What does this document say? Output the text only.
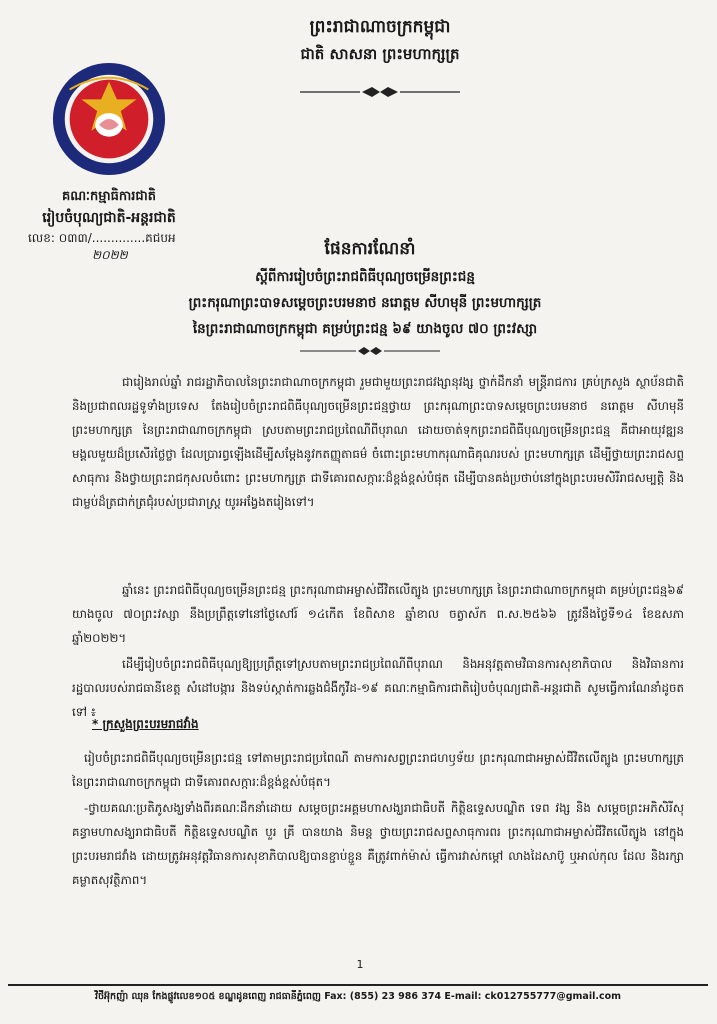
ព្រះរាជាណាចក្រកម្ពុជា
ជាតិ សាសនា ព្រះមហាក្សត្រ
គណៈកម្មាធិការជាតិ
រៀបចំបុណ្យជាតិ-អន្តរជាតិ
លេខ: ០៣៣/..............គជបអ
២០២២	ផែនការណែនាំ
ស្តីពីការរៀបចំព្រះរាជពិធីបុណ្យចម្រើនព្រះជន្ម
ព្រះករុណាព្រះបាទសម្តេចព្រះបរមនាថ នរោត្តម សីហមុនី ព្រះមហាក្សត្រ
នៃព្រះរាជាណាចក្រកម្ពុជា គម្រប់ព្រះជន្ម ៦៩ យាងចូល ៧០ ព្រះវស្សា
ជារៀងរាល់ឆ្នាំ រាជរដ្ឋាភិបាលនៃព្រះរាជាណាចក្រកម្ពុជា រួមជាមួយព្រះរាជវង្សានុវង្ស ថ្នាក់ដឹកនាំ មន្ត្រីរាជការ គ្រប់ក្រសួង ស្ថាប័នជាតិ និងប្រជាពលរដ្ឋទូទាំងប្រទេស តែងរៀបចំព្រះរាជពិធីបុណ្យចម្រើនព្រះជន្មថ្វាយ ព្រះករុណាព្រះបាទសម្តេចព្រះបរមនាថ នរោត្តម សីហមុនី ព្រះមហាក្សត្រ នៃព្រះរាជាណាចក្រកម្ពុជា ស្របតាមព្រះរាជប្រពៃណីពីបុរាណ ដោយចាត់ទុកព្រះរាជពិធីបុណ្យចម្រើនព្រះជន្ម គឺជាអាយុវឌ្ឍនមង្គលមួយដ៏ប្រសើរថ្លៃថ្លា ដែលប្រារព្ធឡើងដើម្បីសម្តែងនូវកតញ្ញុតាធម៌ ចំពោះព្រះមហាករុណាធិគុណរបស់ ព្រះមហាក្សត្រ ដើម្បីថ្វាយព្រះរាជសព្ទសាធុការ និងថ្វាយព្រះរាជកុសលចំពោះ ព្រះមហាក្សត្រ ជាទីគោរពសក្ការៈដ៏ខ្ពង់ខ្ពស់បំផុត ដើម្បីបានគង់ប្រថាប់នៅក្នុងព្រះបរមសិរីរាជសម្បត្តិ និងជាម្លប់ដ៏ត្រជាក់ត្រជុំរបស់ប្រជារាស្ត្រ យូរអង្វែងតរៀងទៅ។
ឆ្នាំនេះ ព្រះរាជពិធីបុណ្យចម្រើនព្រះជន្ម ព្រះករុណាជាអម្ចាស់ជីវិតលើត្បូង ព្រះមហាក្សត្រ នៃព្រះរាជាណាចក្រកម្ពុជា គម្រប់ព្រះជន្ម៦៩ យាងចូល ៧០ព្រះវស្សា នឹងប្រព្រឹត្តទៅនៅថ្ងៃសៅរ៍ ១៤កើត ខែពិសាខ ឆ្នាំខាល ចត្វាស័ក ព.ស.២៥៦៦ ត្រូវនឹងថ្ងៃទី១៤ ខែឧសភា ឆ្នាំ២០២២។
ដើម្បីរៀបចំព្រះរាជពិធីបុណ្យឱ្យប្រព្រឹត្តទៅស្របតាមព្រះរាជប្រពៃណីពីបុរាណ និងអនុវត្តតាមវិធានការសុខាភិបាល និងវិធានការរដ្ឋបាលរបស់រាជធានីខេត្ត សំដៅបង្ការ និងទប់ស្កាត់ការឆ្លងជំងឺកូវីដ-១៩ គណៈកម្មាធិការជាតិរៀបចំបុណ្យជាតិ-អន្តរជាតិ សូមធ្វើការណែនាំដូចតទៅ ៖
* ក្រសួងព្រះបរមរាជវាំង
រៀបចំព្រះរាជពិធីបុណ្យចម្រើនព្រះជន្ម ទៅតាមព្រះរាជប្រពៃណី តាមការសព្វព្រះរាជហឫទ័យ ព្រះករុណាជាអម្ចាស់ជីវិតលើត្បូង ព្រះមហាក្សត្រ នៃព្រះរាជាណាចក្រកម្ពុជា ជាទីគោរពសក្ការៈដ៏ខ្ពង់ខ្ពស់បំផុត។
-ថ្វាយគណៈប្រតិភូសង្ឃទាំងពីរគណៈដឹកនាំដោយ សម្តេចព្រះអគ្គមហាសង្ឃរាជាធិបតី កិត្តិឧទ្ទេសបណ្ឌិត ទេព វង្ស និង សម្តេចព្រះអភិសិរីសុគន្ធាមហាសង្ឃរាជាធិបតី កិត្តិឧទ្ទេសបណ្ឌិត បួរ គ្រី បានយាង និមន្ត ថ្វាយព្រះរាជសព្ទសាធុការពរ ព្រះករុណាជាអម្ចាស់ជីវិតលើត្បូង នៅក្នុងព្រះបរមរាជវាំង ដោយត្រូវអនុវត្តវិធានការសុខាភិបាលឱ្យបានខ្ជាប់ខ្ជួន គឺត្រូវពាក់ម៉ាស់ ធ្វើការវាស់កម្តៅ លាងដៃសាប៊ូ ឬអាល់កុល ដែល និងរក្សាគម្លាតសុវត្ថិភាព។
1
វិថីអ៊ុកញ៉ា ឈុន កែងផ្លូវលេខ១០៥ ខណ្ឌដូនពេញ រាជធានីភ្នំពេញ Fax: (855) 23 986 374 E-mail: ck012755777@gmail.com
